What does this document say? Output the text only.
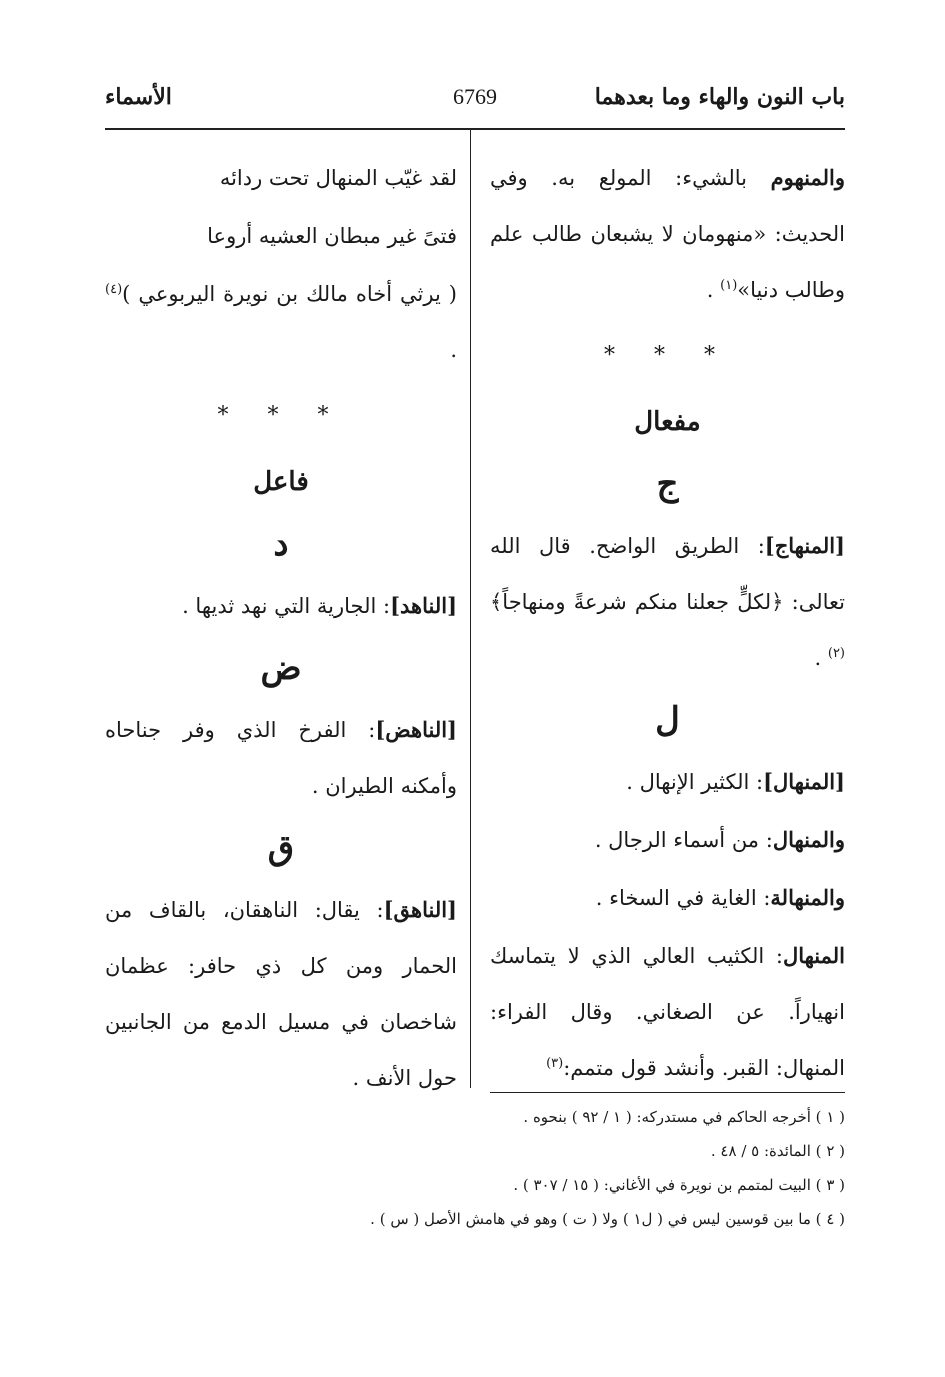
باب النون والهاء وما بعدهما
6769
الأسماء

والمنهوم بالشيء: المولع به. وفي الحديث: «منهومان لا يشبعان طالب علم وطالب دنيا»$^{(١)}$ .

* * *

مفعال

ج

[المنهاج]: الطريق الواضح. قال الله تعالى: ﴿لكلٍّ جعلنا منكم شرعةً ومنهاجاً﴾$^{(٢)}$ .

ل

[المنهال]: الكثير الإنهال .

والمنهال: من أسماء الرجال .

والمنهالة: الغاية في السخاء .

المنهال: الكثيب العالي الذي لا يتماسك انهياراً. عن الصغاني. وقال الفراء: المنهال: القبر. وأنشد قول متمم:$^{(٣)}$

لقد غيّب المنهال تحت ردائه

فتىً غير مبطان العشيه أروعا

( يرثي أخاه مالك بن نويرة اليربوعي )$^{(٤)}$ .

* * *

فاعل

د

[الناهد]: الجارية التي نهد ثديها .

ض

[الناهض]: الفرخ الذي وفر جناحاه وأمكنه الطيران .

ق

[الناهق]: يقال: الناهقان، بالقاف من الحمار ومن كل ذي حافر: عظمان شاخصان في مسيل الدمع من الجانبين حول الأنف .

( ١ ) أخرجه الحاكم في مستدركه: ( ١ / ٩٢ ) بنحوه .

( ٢ ) المائدة: ٥ / ٤٨ .

( ٣ ) البيت لمتمم بن نويرة في الأغاني: ( ١٥ / ٣٠٧ ) .

( ٤ ) ما بين قوسين ليس في ( ل١ ) ولا ( ت ) وهو في هامش الأصل ( س ) .
